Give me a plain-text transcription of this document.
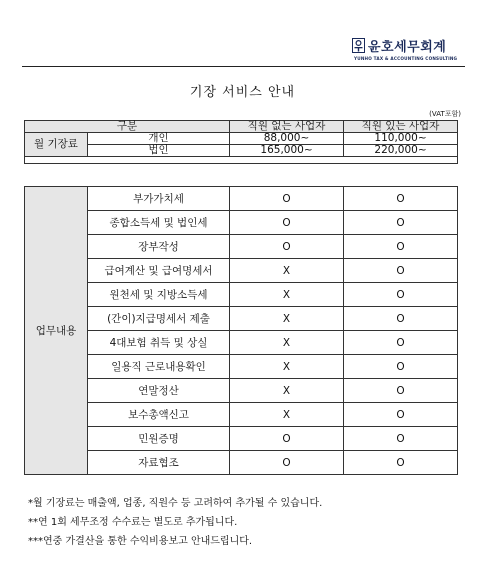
윤호세무회계
YUNHO TAX & ACCOUNTING CONSULTING
기장 서비스 안내
(VAT포함)
구분		직원 없는 사업자	직원 있는 사업자
월 기장료	개인	88,000~	110,000~
	법인	165,000~	220,000~

업무내용	부가가치세	O	O
	종합소득세 및 법인세	O	O
	장부작성	O	O
	급여계산 및 급여명세서	X	O
	원천세 및 지방소득세	X	O
	(간이)지급명세서 제출	X	O
	4대보험 취득 및 상실	X	O
	일용직 근로내용확인	X	O
	연말정산	X	O
	보수총액신고	X	O
	민원증명	O	O
	자료협조	O	O
*월 기장료는 매출액, 업종, 직원수 등 고려하여 추가될 수 있습니다.
**연 1회 세무조정 수수료는 별도로 추가됩니다.
***연중 가결산을 통한 수익비용보고 안내드립니다.
